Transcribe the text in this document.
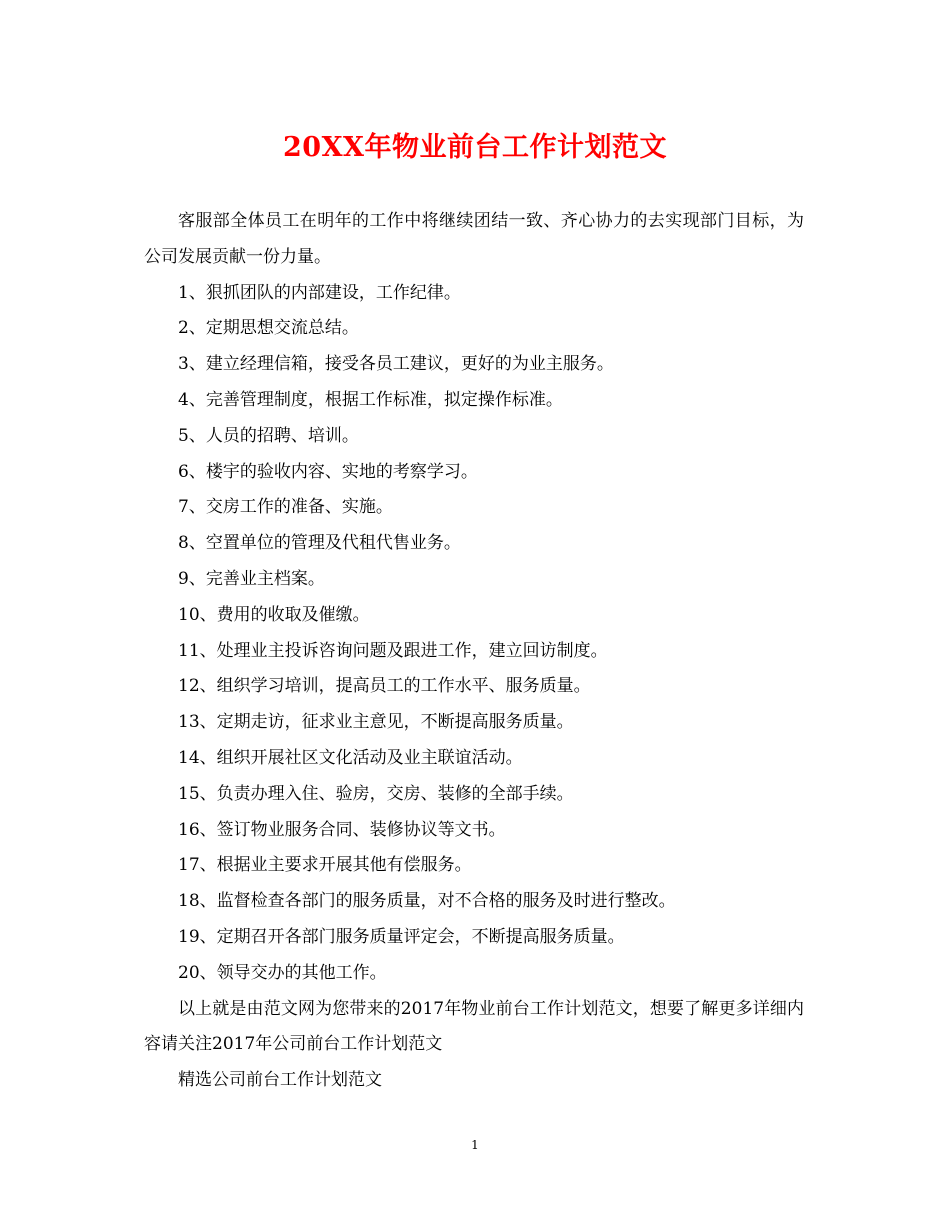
20XX年物业前台工作计划范文

客服部全体员工在明年的工作中将继续团结一致、齐心协力的去实现部门目标，为公司发展贡献一份力量。

1、狠抓团队的内部建设，工作纪律。

2、定期思想交流总结。

3、建立经理信箱，接受各员工建议，更好的为业主服务。

4、完善管理制度，根据工作标准，拟定操作标准。

5、人员的招聘、培训。

6、楼宇的验收内容、实地的考察学习。

7、交房工作的准备、实施。

8、空置单位的管理及代租代售业务。

9、完善业主档案。

10、费用的收取及催缴。

11、处理业主投诉咨询问题及跟进工作，建立回访制度。

12、组织学习培训，提高员工的工作水平、服务质量。

13、定期走访，征求业主意见，不断提高服务质量。

14、组织开展社区文化活动及业主联谊活动。

15、负责办理入住、验房，交房、装修的全部手续。

16、签订物业服务合同、装修协议等文书。

17、根据业主要求开展其他有偿服务。

18、监督检查各部门的服务质量，对不合格的服务及时进行整改。

19、定期召开各部门服务质量评定会，不断提高服务质量。

20、领导交办的其他工作。

以上就是由范文网为您带来的2017年物业前台工作计划范文，想要了解更多详细内容请关注2017年公司前台工作计划范文

精选公司前台工作计划范文

1
